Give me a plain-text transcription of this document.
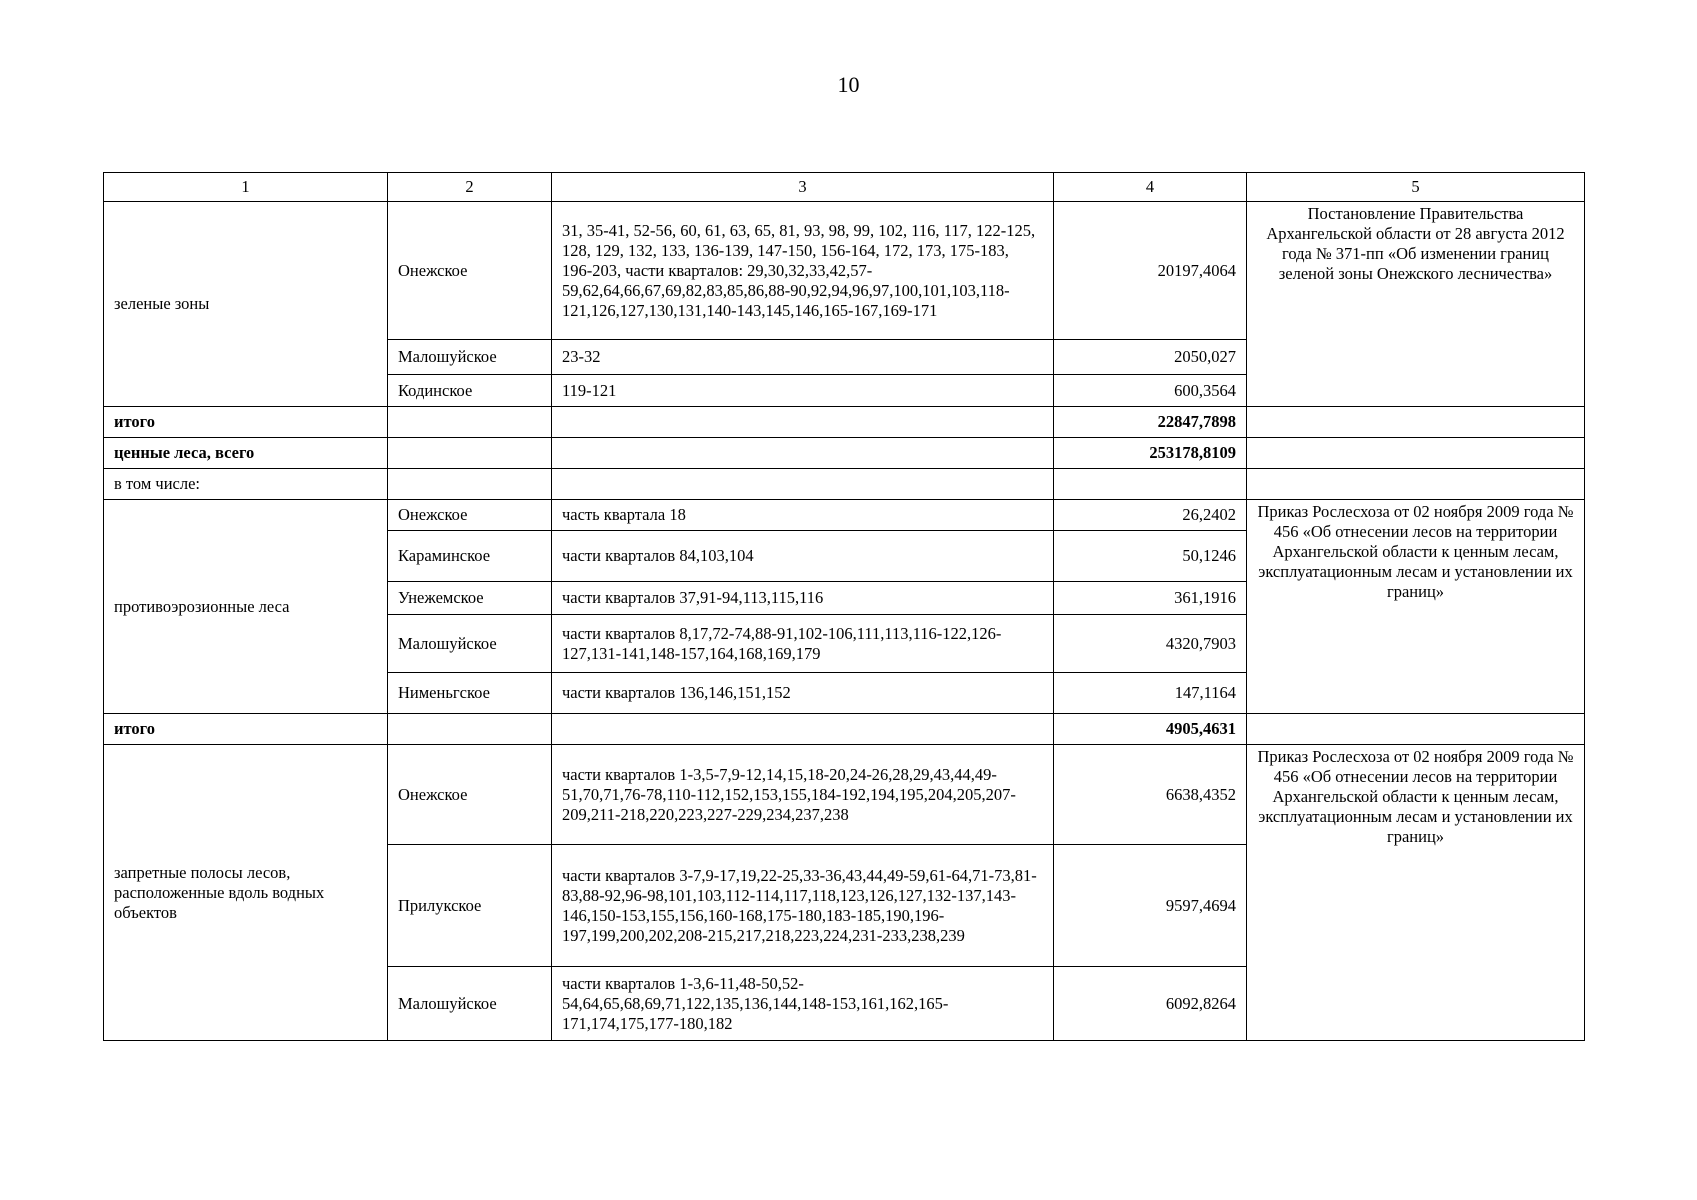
10
1	2	3	4	5
зеленые зоны	Онежское	31, 35-41, 52-56, 60, 61, 63, 65, 81, 93, 98, 99, 102, 116, 117, 122-125, 128, 129, 132, 133, 136-139, 147-150, 156-164, 172, 173, 175-183, 196-203, части кварталов: 29,30,32,33,42,57-59,62,64,66,67,69,82,83,85,86,88-90,92,94,96,97,100,101,103,118-121,126,127,130,131,140-143,145,146,165-167,169-171	20197,4064	Постановление Правительства Архангельской области от 28 августа 2012 года № 371-пп «Об изменении границ зеленой зоны Онежского лесничества»
	Малошуйское	23-32	2050,027	
	Кодинское	119-121	600,3564	
итого			22847,7898	
ценные леса, всего			253178,8109	
в том числе:				
противоэрозионные леса	Онежское	часть квартала 18	26,2402	Приказ Рослесхоза от 02 ноября 2009 года № 456 «Об отнесении лесов на территории Архангельской области к ценным лесам, эксплуатационным лесам и установлении их границ»
	Караминское	части кварталов 84,103,104	50,1246	
	Унежемское	части кварталов 37,91-94,113,115,116	361,1916	
	Малошуйское	части кварталов 8,17,72-74,88-91,102-106,111,113,116-122,126-127,131-141,148-157,164,168,169,179	4320,7903	
	Нименьгское	части кварталов 136,146,151,152	147,1164	
итого			4905,4631	
запретные полосы лесов, расположенные вдоль водных объектов	Онежское	части кварталов 1-3,5-7,9-12,14,15,18-20,24-26,28,29,43,44,49-51,70,71,76-78,110-112,152,153,155,184-192,194,195,204,205,207-209,211-218,220,223,227-229,234,237,238	6638,4352	Приказ Рослесхоза от 02 ноября 2009 года № 456 «Об отнесении лесов на территории Архангельской области к ценным лесам, эксплуатационным лесам и установлении их границ»
	Прилукское	части кварталов 3-7,9-17,19,22-25,33-36,43,44,49-59,61-64,71-73,81-83,88-92,96-98,101,103,112-114,117,118,123,126,127,132-137,143-146,150-153,155,156,160-168,175-180,183-185,190,196-197,199,200,202,208-215,217,218,223,224,231-233,238,239	9597,4694	
	Малошуйское	части кварталов 1-3,6-11,48-50,52-54,64,65,68,69,71,122,135,136,144,148-153,161,162,165-171,174,175,177-180,182	6092,8264	
